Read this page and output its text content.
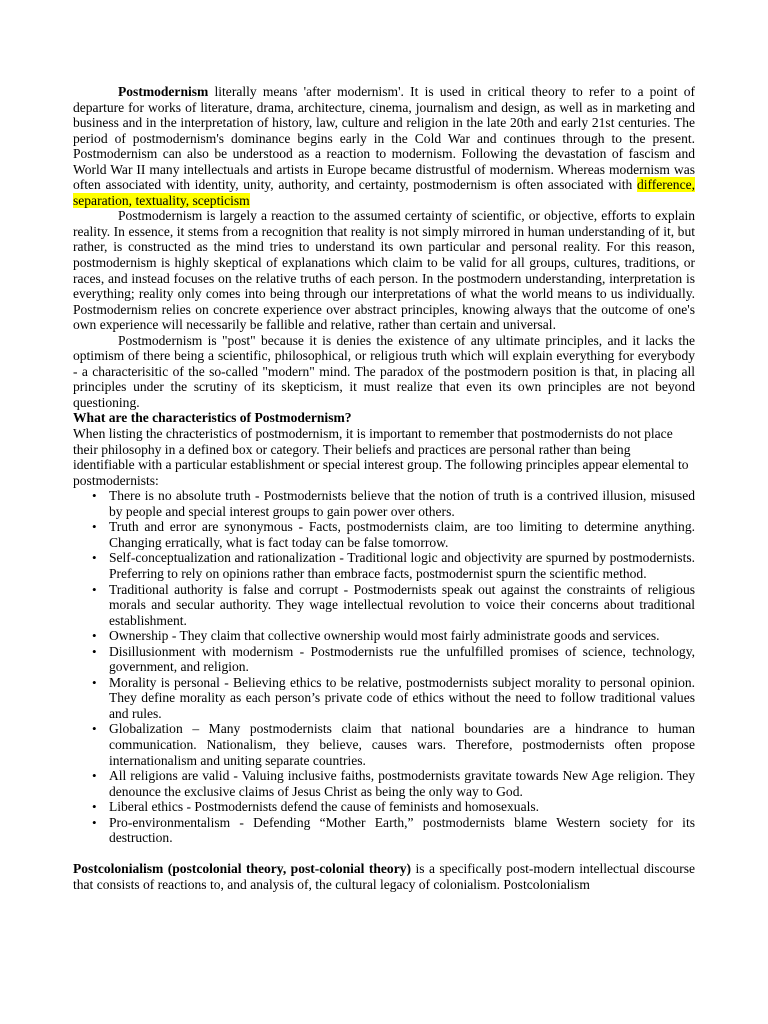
Postmodernism literally means 'after modernism'. It is used in critical theory to refer to a point of departure for works of literature, drama, architecture, cinema, journalism and design, as well as in marketing and business and in the interpretation of history, law, culture and religion in the late 20th and early 21st centuries. The period of postmodernism's dominance begins early in the Cold War and continues through to the present. Postmodernism can also be understood as a reaction to modernism. Following the devastation of fascism and World War II many intellectuals and artists in Europe became distrustful of modernism. Whereas modernism was often associated with identity, unity, authority, and certainty, postmodernism is often associated with difference, separation, textuality, scepticism

Postmodernism is largely a reaction to the assumed certainty of scientific, or objective, efforts to explain reality. In essence, it stems from a recognition that reality is not simply mirrored in human understanding of it, but rather, is constructed as the mind tries to understand its own particular and personal reality. For this reason, postmodernism is highly skeptical of explanations which claim to be valid for all groups, cultures, traditions, or races, and instead focuses on the relative truths of each person. In the postmodern understanding, interpretation is everything; reality only comes into being through our interpretations of what the world means to us individually. Postmodernism relies on concrete experience over abstract principles, knowing always that the outcome of one's own experience will necessarily be fallible and relative, rather than certain and universal.

Postmodernism is "post" because it is denies the existence of any ultimate principles, and it lacks the optimism of there being a scientific, philosophical, or religious truth which will explain everything for everybody - a characterisitic of the so-called "modern" mind. The paradox of the postmodern position is that, in placing all principles under the scrutiny of its skepticism, it must realize that even its own principles are not beyond questioning.

What are the characteristics of Postmodernism?

When listing the chracteristics of postmodernism, it is important to remember that postmodernists do not place their philosophy in a defined box or category. Their beliefs and practices are personal rather than being identifiable with a particular establishment or special interest group. The following principles appear elemental to postmodernists:

• There is no absolute truth - Postmodernists believe that the notion of truth is a contrived illusion, misused by people and special interest groups to gain power over others.
• Truth and error are synonymous - Facts, postmodernists claim, are too limiting to determine anything. Changing erratically, what is fact today can be false tomorrow.
• Self-conceptualization and rationalization - Traditional logic and objectivity are spurned by postmodernists. Preferring to rely on opinions rather than embrace facts, postmodernist spurn the scientific method.
• Traditional authority is false and corrupt - Postmodernists speak out against the constraints of religious morals and secular authority. They wage intellectual revolution to voice their concerns about traditional establishment.
• Ownership - They claim that collective ownership would most fairly administrate goods and services.
• Disillusionment with modernism - Postmodernists rue the unfulfilled promises of science, technology, government, and religion.
• Morality is personal - Believing ethics to be relative, postmodernists subject morality to personal opinion. They define morality as each person’s private code of ethics without the need to follow traditional values and rules.
• Globalization – Many postmodernists claim that national boundaries are a hindrance to human communication. Nationalism, they believe, causes wars. Therefore, postmodernists often propose internationalism and uniting separate countries.
• All religions are valid - Valuing inclusive faiths, postmodernists gravitate towards New Age religion. They denounce the exclusive claims of Jesus Christ as being the only way to God.
• Liberal ethics - Postmodernists defend the cause of feminists and homosexuals.
• Pro-environmentalism - Defending “Mother Earth,” postmodernists blame Western society for its destruction.

Postcolonialism (postcolonial theory, post-colonial theory) is a specifically post-modern intellectual discourse that consists of reactions to, and analysis of, the cultural legacy of colonialism. Postcolonialism
